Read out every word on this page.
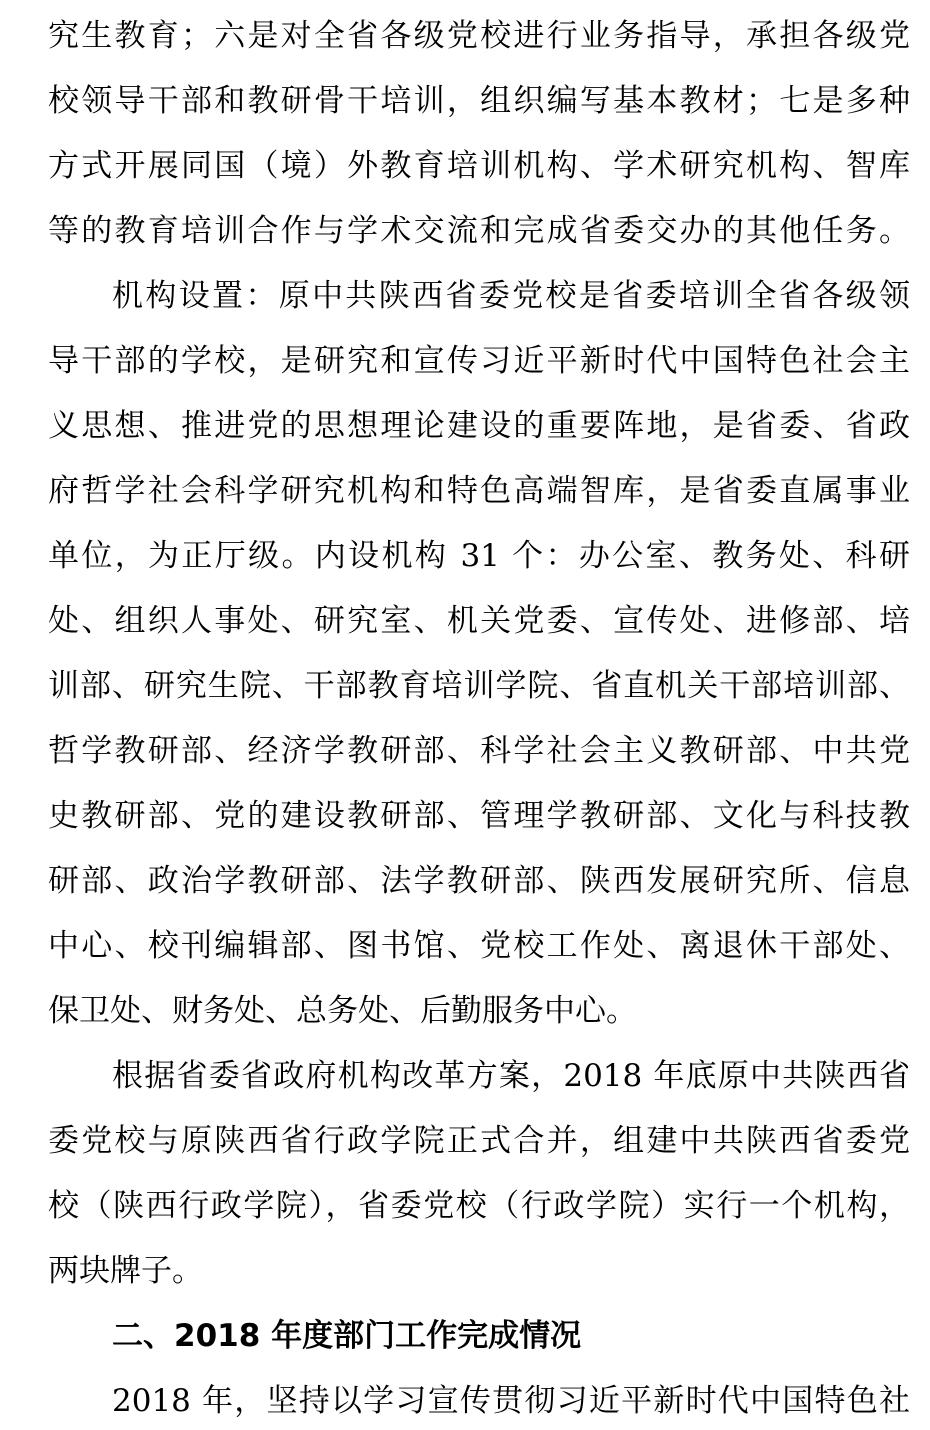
究生教育；六是对全省各级党校进行业务指导，承担各级党
校领导干部和教研骨干培训，组织编写基本教材；七是多种
方式开展同国（境）外教育培训机构、学术研究机构、智库
等的教育培训合作与学术交流和完成省委交办的其他任务。
机构设置：原中共陕西省委党校是省委培训全省各级领
导干部的学校，是研究和宣传习近平新时代中国特色社会主
义思想、推进党的思想理论建设的重要阵地，是省委、省政
府哲学社会科学研究机构和特色高端智库，是省委直属事业
单位，为正厅级。内设机构 31 个：办公室、教务处、科研
处、组织人事处、研究室、机关党委、宣传处、进修部、培
训部、研究生院、干部教育培训学院、省直机关干部培训部、
哲学教研部、经济学教研部、科学社会主义教研部、中共党
史教研部、党的建设教研部、管理学教研部、文化与科技教
研部、政治学教研部、法学教研部、陕西发展研究所、信息
中心、校刊编辑部、图书馆、党校工作处、离退休干部处、
保卫处、财务处、总务处、后勤服务中心。
根据省委省政府机构改革方案，2018 年底原中共陕西省
委党校与原陕西省行政学院正式合并，组建中共陕西省委党
校（陕西行政学院），省委党校（行政学院）实行一个机构，
两块牌子。
二、2018 年度部门工作完成情况
2018 年，坚持以学习宣传贯彻习近平新时代中国特色社
